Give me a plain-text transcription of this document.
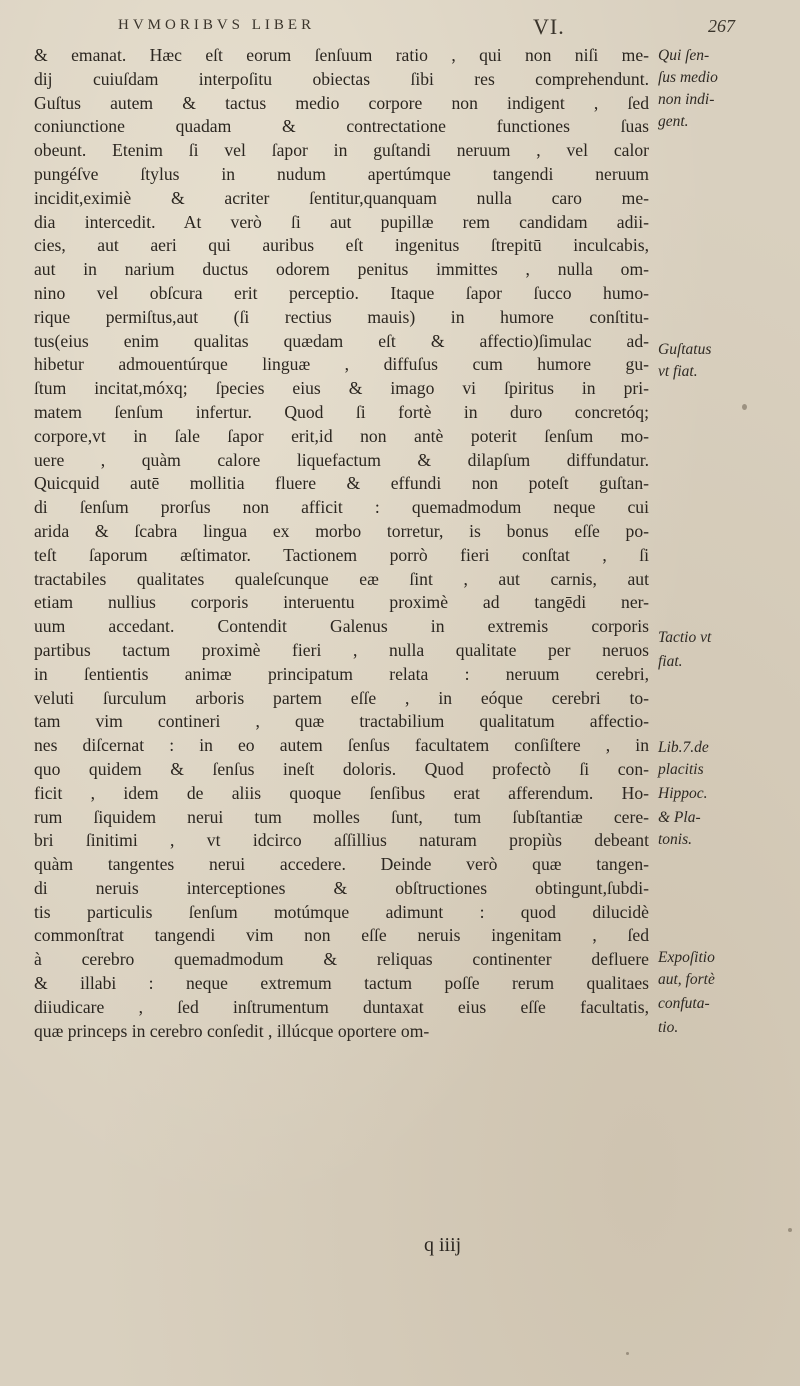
HVMORIBVS LIBER	VI.	267
& emanat. Hæc eſt eorum ſenſuum ratio , qui non niſi me-
dij cuiuſdam interpoſitu obiectas ſibi res comprehendunt.
Guſtus autem & tactus medio corpore non indigent , ſed
coniunctione quadam & contrectatione functiones ſuas
obeunt. Etenim ſi vel ſapor in guſtandi neruum , vel calor
pungéſve ſtylus in nudum apertúmque tangendi neruum
incidit,eximiè & acriter ſentitur,quanquam nulla caro me-
dia intercedit. At verò ſi aut pupillæ rem candidam adii-
cies, aut aeri qui auribus eſt ingenitus ſtrepitū inculcabis,
aut in narium ductus odorem penitus immittes , nulla om-
nino vel obſcura erit perceptio. Itaque ſapor ſucco humo-
rique permiſtus,aut (ſi rectius mauis) in humore conſtitu-
tus(eius enim qualitas quædam eſt & affectio)ſimulac ad-
hibetur admouentúrque linguæ , diffuſus cum humore gu-
ſtum incitat,móxq; ſpecies eius & imago vi ſpiritus in pri-
matem ſenſum infertur. Quod ſi fortè in duro concretóq;
corpore,vt in ſale ſapor erit,id non antè poterit ſenſum mo-
uere , quàm calore liquefactum & dilapſum diffundatur.
Quicquid autē mollitia fluere & effundi non poteſt guſtan-
di ſenſum prorſus non afficit : quemadmodum neque cui
arida & ſcabra lingua ex morbo torretur, is bonus eſſe po-
teſt ſaporum æſtimator. Tactionem porrò fieri conſtat , ſi
tractabiles qualitates qualeſcunque eæ ſint , aut carnis, aut
etiam nullius corporis interuentu proximè ad tangēdi ner-
uum accedant. Contendit Galenus in extremis corporis
partibus tactum proximè fieri , nulla qualitate per neruos
in ſentientis animæ principatum relata : neruum cerebri,
veluti ſurculum arboris partem eſſe , in eóque cerebri to-
tam vim contineri , quæ tractabilium qualitatum affectio-
nes diſcernat : in eo autem ſenſus facultatem conſiſtere , in
quo quidem & ſenſus ineſt doloris. Quod profectò ſi con-
ficit , idem de aliis quoque ſenſibus erat afferendum. Ho-
rum ſiquidem nerui tum molles ſunt, tum ſubſtantiæ cere-
bri ſinitimi , vt idcirco aſſillius naturam propiùs debeant
quàm tangentes nerui accedere. Deinde verò quæ tangen-
di neruis interceptiones & obſtructiones obtingunt,ſubdi-
tis particulis ſenſum motúmque adimunt : quod dilucidè
commonſtrat tangendi vim non eſſe neruis ingenitam , ſed
à cerebro quemadmodum & reliquas continenter defluere
& illabi : neque extremum tactum poſſe rerum qualitaes
diiudicare , ſed inſtrumentum duntaxat eius eſſe facultatis,
quæ princeps in cerebro conſedit , illúcque oportere om-
Qui ſen-
ſus medio
non indi-
gent.
Guſtatus
vt fiat.
Tactio vt
fiat.
Lib.7.de
placitis
Hippoc.
& Pla-
tonis.
Expoſitio
aut, fortè
confuta-
tio.
q iiij
